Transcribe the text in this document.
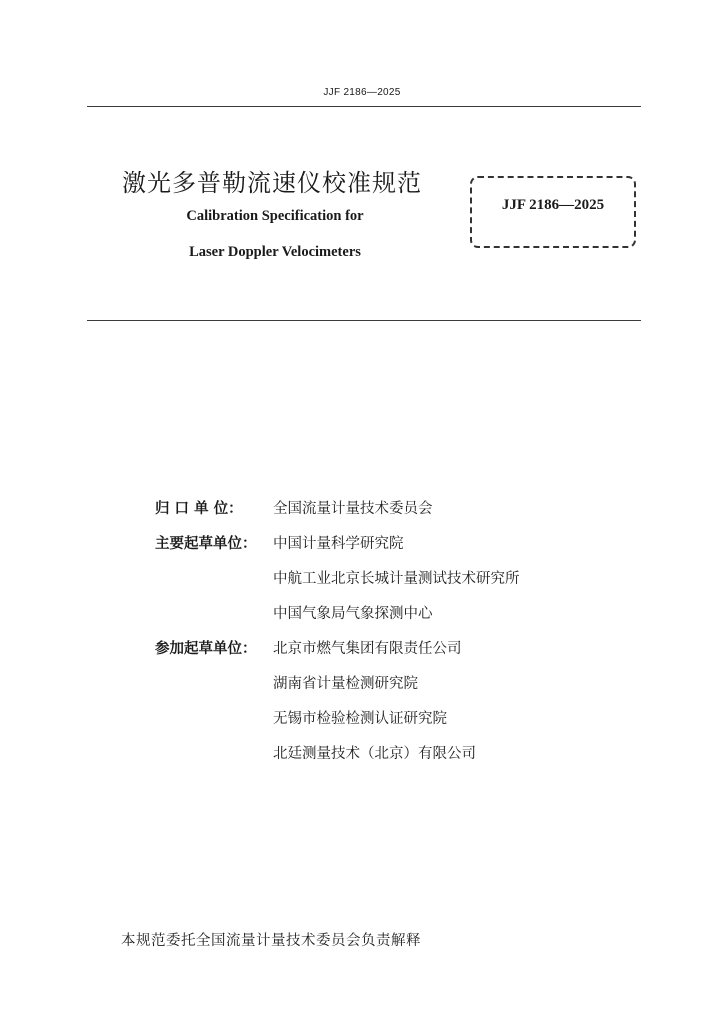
JJF 2186—2025
激光多普勒流速仪校准规范
Calibration Specification for
Laser Doppler Velocimeters
JJF 2186—2025
归 口 单 位：	全国流量计量技术委员会
主要起草单位：	中国计量科学研究院
中航工业北京长城计量测试技术研究所
中国气象局气象探测中心
参加起草单位：	北京市燃气集团有限责任公司
湖南省计量检测研究院
无锡市检验检测认证研究院
北廷测量技术（北京）有限公司
本规范委托全国流量计量技术委员会负责解释
